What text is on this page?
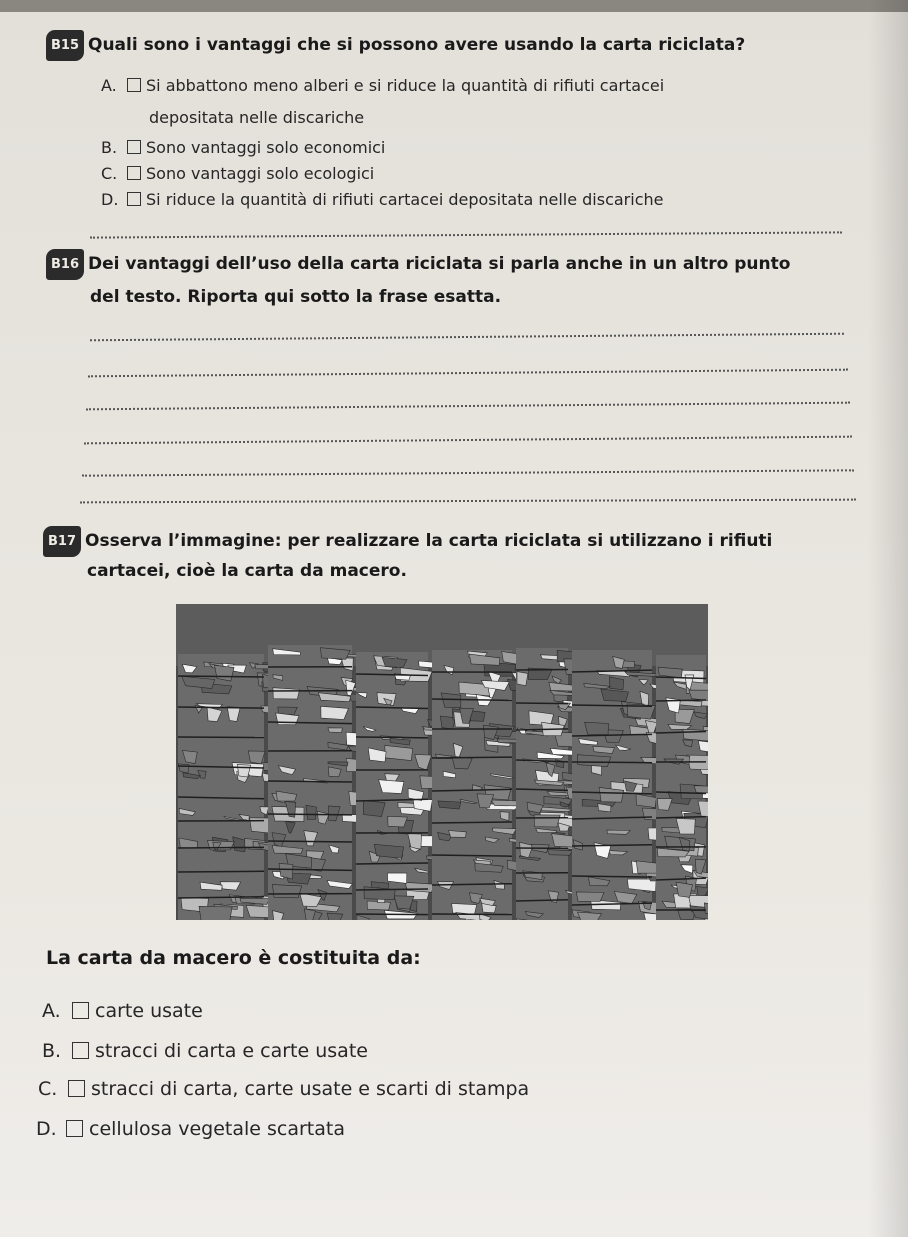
B15 Quali sono i vantaggi che si possono avere usando la carta riciclata?
A. Si abbattono meno alberi e si riduce la quantità di rifiuti cartacei
depositata nelle discariche
B. Sono vantaggi solo economici
C. Sono vantaggi solo ecologici
D. Si riduce la quantità di rifiuti cartacei depositata nelle discariche
B16 Dei vantaggi dell’uso della carta riciclata si parla anche in un altro punto
del testo. Riporta qui sotto la frase esatta.
B17 Osserva l’immagine: per realizzare la carta riciclata si utilizzano i rifiuti
cartacei, cioè la carta da macero.
La carta da macero è costituita da:
A. carte usate
B. stracci di carta e carte usate
C. stracci di carta, carte usate e scarti di stampa
D. cellulosa vegetale scartata
